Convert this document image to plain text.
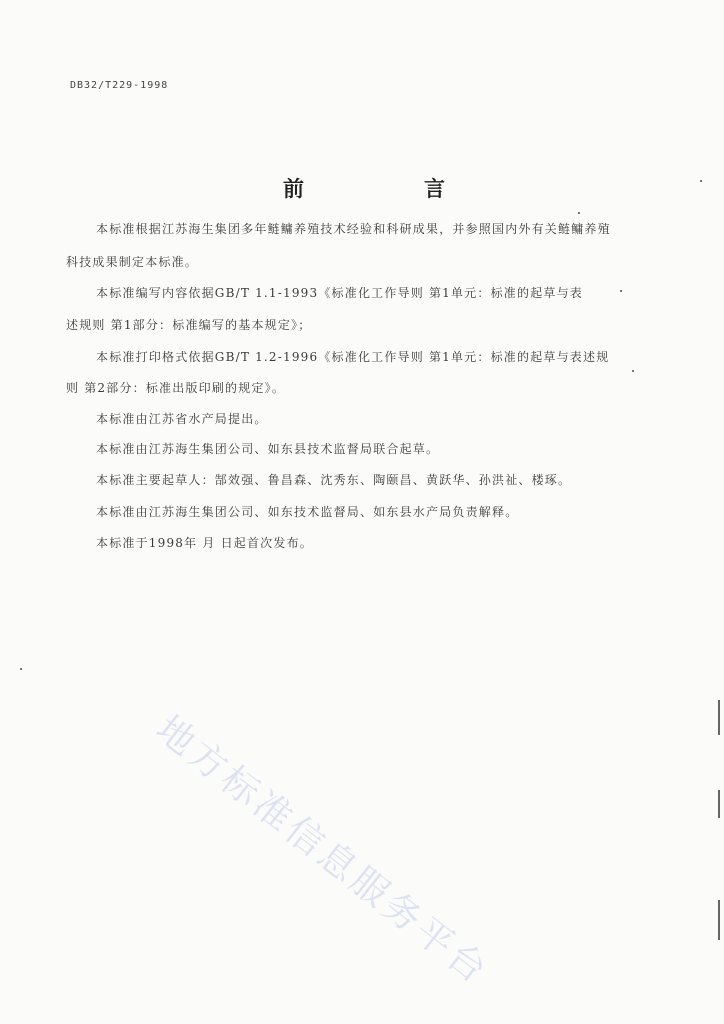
DB32/T229-1998
前	言
本标准根据江苏海生集团多年鲢鳙养殖技术经验和科研成果，并参照国内外有关鲢鳙养殖
科技成果制定本标准。
本标准编写内容依据GB/T 1.1-1993《标准化工作导则 第1单元：标准的起草与表
述规则 第1部分：标准编写的基本规定》；
本标准打印格式依据GB/T 1.2-1996《标准化工作导则 第1单元：标准的起草与表述规
则 第2部分：标准出版印刷的规定》。
本标准由江苏省水产局提出。
本标准由江苏海生集团公司、如东县技术监督局联合起草。
本标准主要起草人：郜效强、鲁昌森、沈秀东、陶颐昌、黄跃华、孙洪祉、楼琢。
本标准由江苏海生集团公司、如东技术监督局、如东县水产局负责解释。
本标准于1998年 月 日起首次发布。
地方标准信息服务平台
